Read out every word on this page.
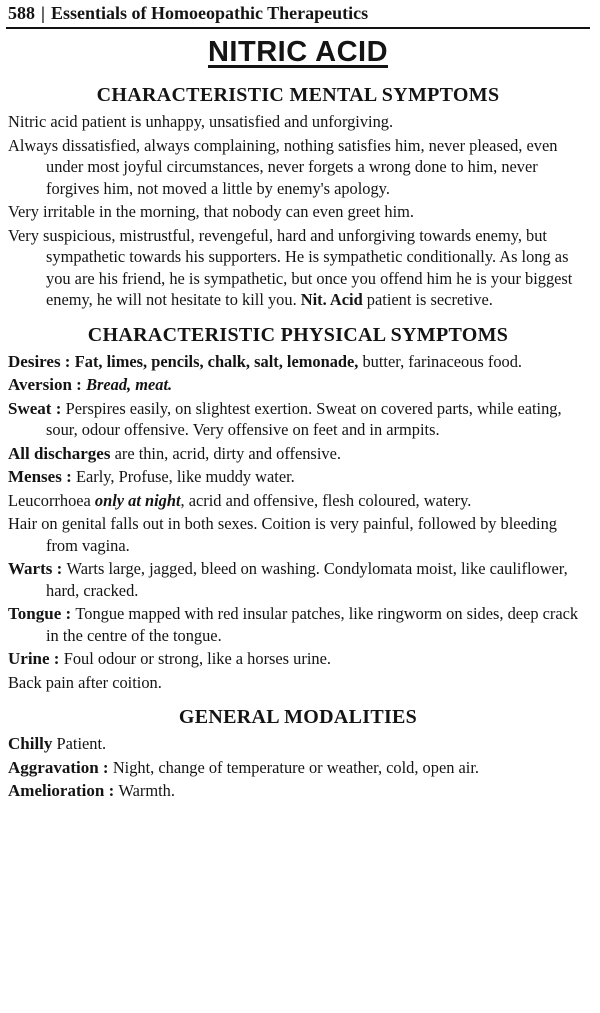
588 | Essentials of Homoeopathic Therapeutics
NITRIC ACID
CHARACTERISTIC MENTAL SYMPTOMS

Nitric acid patient is unhappy, unsatisfied and unforgiving.

Always dissatisfied, always complaining, nothing satisfies him, never pleased, even under most joyful circumstances, never forgets a wrong done to him, never forgives him, not moved a little by enemy's apology.

Very irritable in the morning, that nobody can even greet him.

Very suspicious, mistrustful, revengeful, hard and unforgiving towards enemy, but sympathetic towards his supporters. He is sympathetic conditionally. As long as you are his friend, he is sympathetic, but once you offend him he is your biggest enemy, he will not hesitate to kill you. Nit. Acid patient is secretive.

CHARACTERISTIC PHYSICAL SYMPTOMS

Desires : Fat, limes, pencils, chalk, salt, lemonade, butter, farinaceous food.

Aversion : Bread, meat.

Sweat : Perspires easily, on slightest exertion. Sweat on covered parts, while eating, sour, odour offensive. Very offensive on feet and in armpits.

All discharges are thin, acrid, dirty and offensive.

Menses : Early, Profuse, like muddy water.

Leucorrhoea only at night, acrid and offensive, flesh coloured, watery.

Hair on genital falls out in both sexes. Coition is very painful, followed by bleeding from vagina.

Warts : Warts large, jagged, bleed on washing. Condylomata moist, like cauliflower, hard, cracked.

Tongue : Tongue mapped with red insular patches, like ringworm on sides, deep crack in the centre of the tongue.

Urine : Foul odour or strong, like a horses urine.

Back pain after coition.

GENERAL MODALITIES

Chilly Patient.

Aggravation : Night, change of temperature or weather, cold, open air.

Amelioration : Warmth.
